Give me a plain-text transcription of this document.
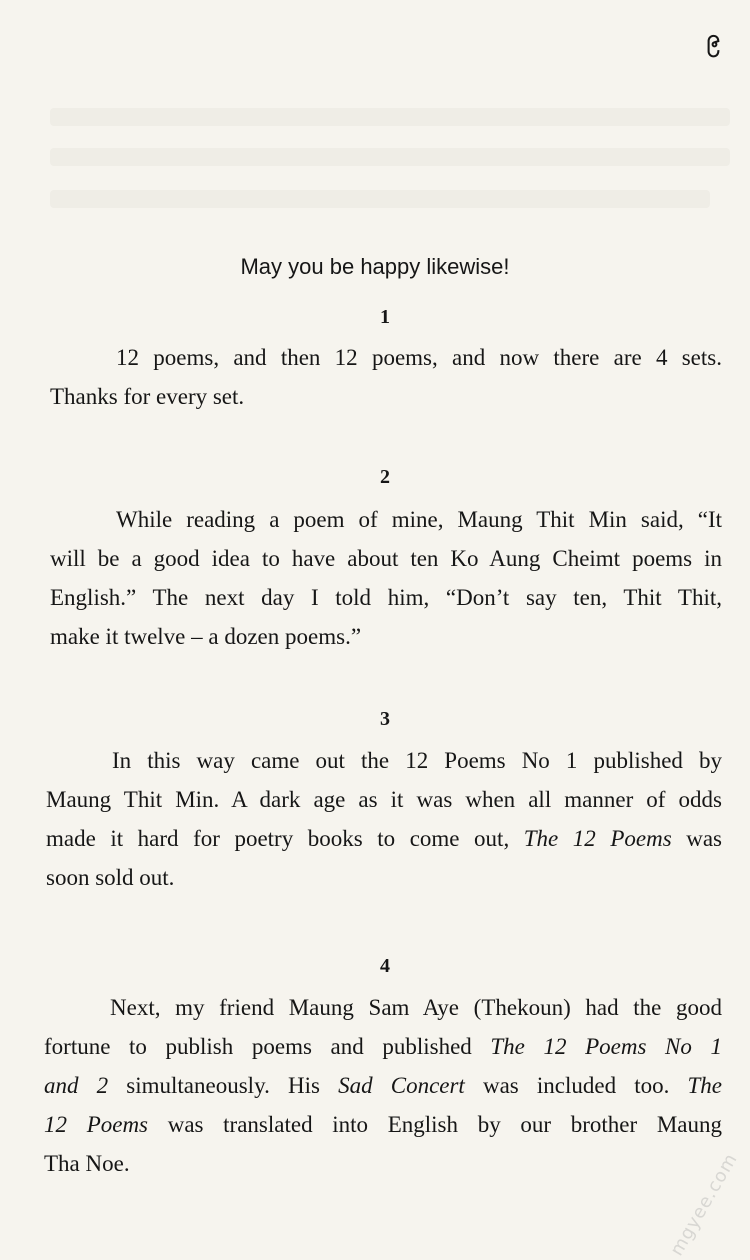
၉
May you be happy likewise!
1
12 poems, and then 12 poems, and now there are 4 sets.
Thanks for every set.
2
While reading a poem of mine, Maung Thit Min said, “It
will be a good idea to have about ten Ko Aung Cheimt poems in
English.” The next day I told him, “Don’t say ten, Thit Thit,
make it twelve – a dozen poems.”
3
In this way came out the 12 Poems No 1 published by
Maung Thit Min. A dark age as it was when all manner of odds
made it hard for poetry books to come out, The 12 Poems was
soon sold out.
4
Next, my friend Maung Sam Aye (Thekoun) had the good
fortune to publish poems and published The 12 Poems No 1
and 2 simultaneously. His Sad Concert was included too. The
12 Poems was translated into English by our brother Maung
Tha Noe.	mgyee.com
